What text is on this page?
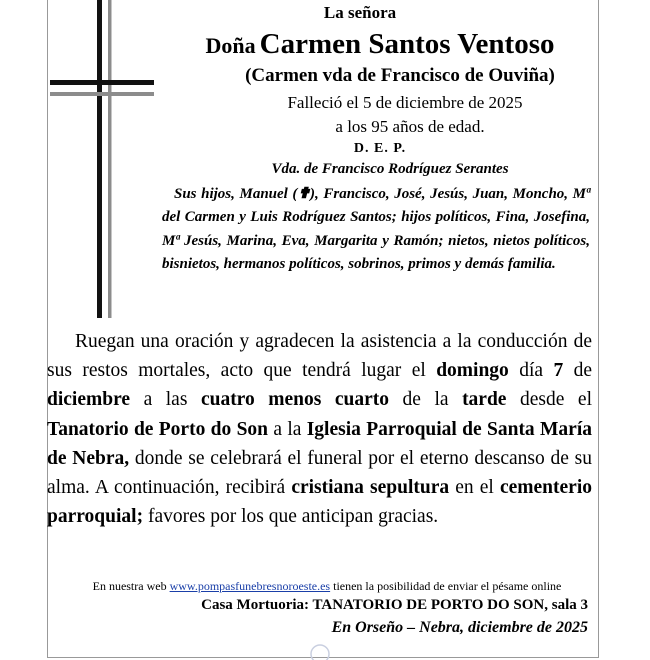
La señora
Doña Carmen Santos Ventoso
(Carmen vda de Francisco de Ouviña)
Falleció el 5 de diciembre de 2025
a los 95 años de edad.
D. E. P.
Vda. de Francisco Rodríguez Serantes
Sus hijos, Manuel (✟), Francisco, José, Jesús, Juan, Moncho, Mª del Carmen y Luis Rodríguez Santos; hijos políticos, Fina, Josefina, Mª Jesús, Marina, Eva, Margarita y Ramón; nietos, nietos políticos, bisnietos, hermanos políticos, sobrinos, primos y demás familia.
Ruegan una oración y agradecen la asistencia a la conducción de sus restos mortales, acto que tendrá lugar el domingo día 7 de diciembre a las cuatro menos cuarto de la tarde desde el Tanatorio de Porto do Son a la Iglesia Parroquial de Santa María de Nebra, donde se celebrará el funeral por el eterno descanso de su alma. A continuación, recibirá cristiana sepultura en el cementerio parroquial; favores por los que anticipan gracias.
En nuestra web www.pompasfunebresnoroeste.es tienen la posibilidad de enviar el pésame online
Casa Mortuoria: TANATORIO DE PORTO DO SON, sala 3
En Orseño – Nebra, diciembre de 2025
